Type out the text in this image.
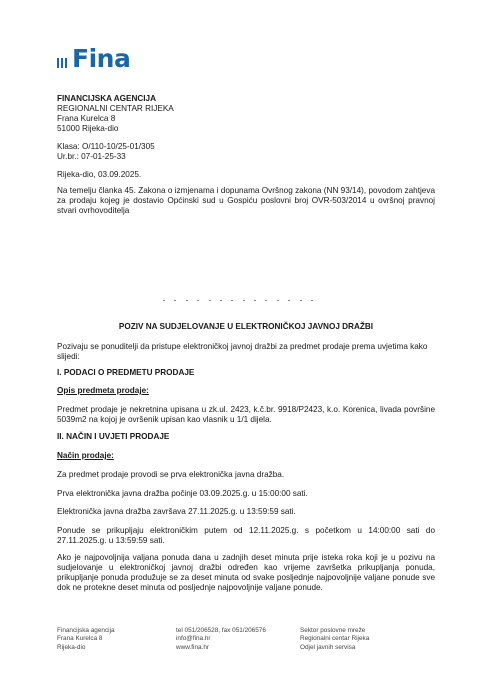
Fina
FINANCIJSKA AGENCIJA
REGIONALNI CENTAR RIJEKA
Frana Kurelca 8
51000 Rijeka-dio
Klasa: O/110-10/25-01/305
Ur.br.: 07-01-25-33
Rijeka-dio, 03.09.2025.
Na temelju članka 45. Zakona o izmjenama i dopunama Ovršnog zakona (NN 93/14), povodom zahtjeva za prodaju kojeg je dostavio Općinski sud u Gospiću poslovni broj OVR-503/2014 u ovršnoj pravnoj stvari ovrhovoditelja
POZIV NA SUDJELOVANJE U ELEKTRONIČKOJ JAVNOJ DRAŽBI
Pozivaju se ponuditelji da pristupe elektroničkoj javnoj dražbi za predmet prodaje prema uvjetima kako slijedi:
I. PODACI O PREDMETU PRODAJE
Opis predmeta prodaje:
Predmet prodaje je nekretnina upisana u zk.ul. 2423, k.č.br. 9918/P2423, k.o. Korenica, livada površine 5039m2 na kojoj je ovršenik upisan kao vlasnik u 1/1 dijela.
II. NAČIN I UVJETI PRODAJE
Način prodaje:
Za predmet prodaje provodi se prva elektronička javna dražba.
Prva elektronička javna dražba počinje 03.09.2025.g. u 15:00:00 sati.
Elektronička javna dražba završava 27.11.2025.g. u 13:59:59 sati.
Ponude se prikupljaju elektroničkim putem od 12.11.2025.g. s početkom u 14:00:00 sati do 27.11.2025.g. u 13:59:59 sati.
Ako je najpovoljnija valjana ponuda dana u zadnjih deset minuta prije isteka roka koji je u pozivu na sudjelovanje u elektroničkoj javnoj dražbi određen kao vrijeme završetka prikupljanja ponuda, prikupljanje ponuda produžuje se za deset minuta od svake posljednje najpovoljnije valjane ponude sve dok ne protekne deset minuta od posljednje najpovoljnije valjane ponude.
Financijska agencija
Frana Kurelca 8
Rijeka-dio
tel 051/206528, fax 051/206576
info@fina.hr
www.fina.hr
Sektor poslovne mreže
Regionalni centar Rijeka
Odjel javnih servisa
